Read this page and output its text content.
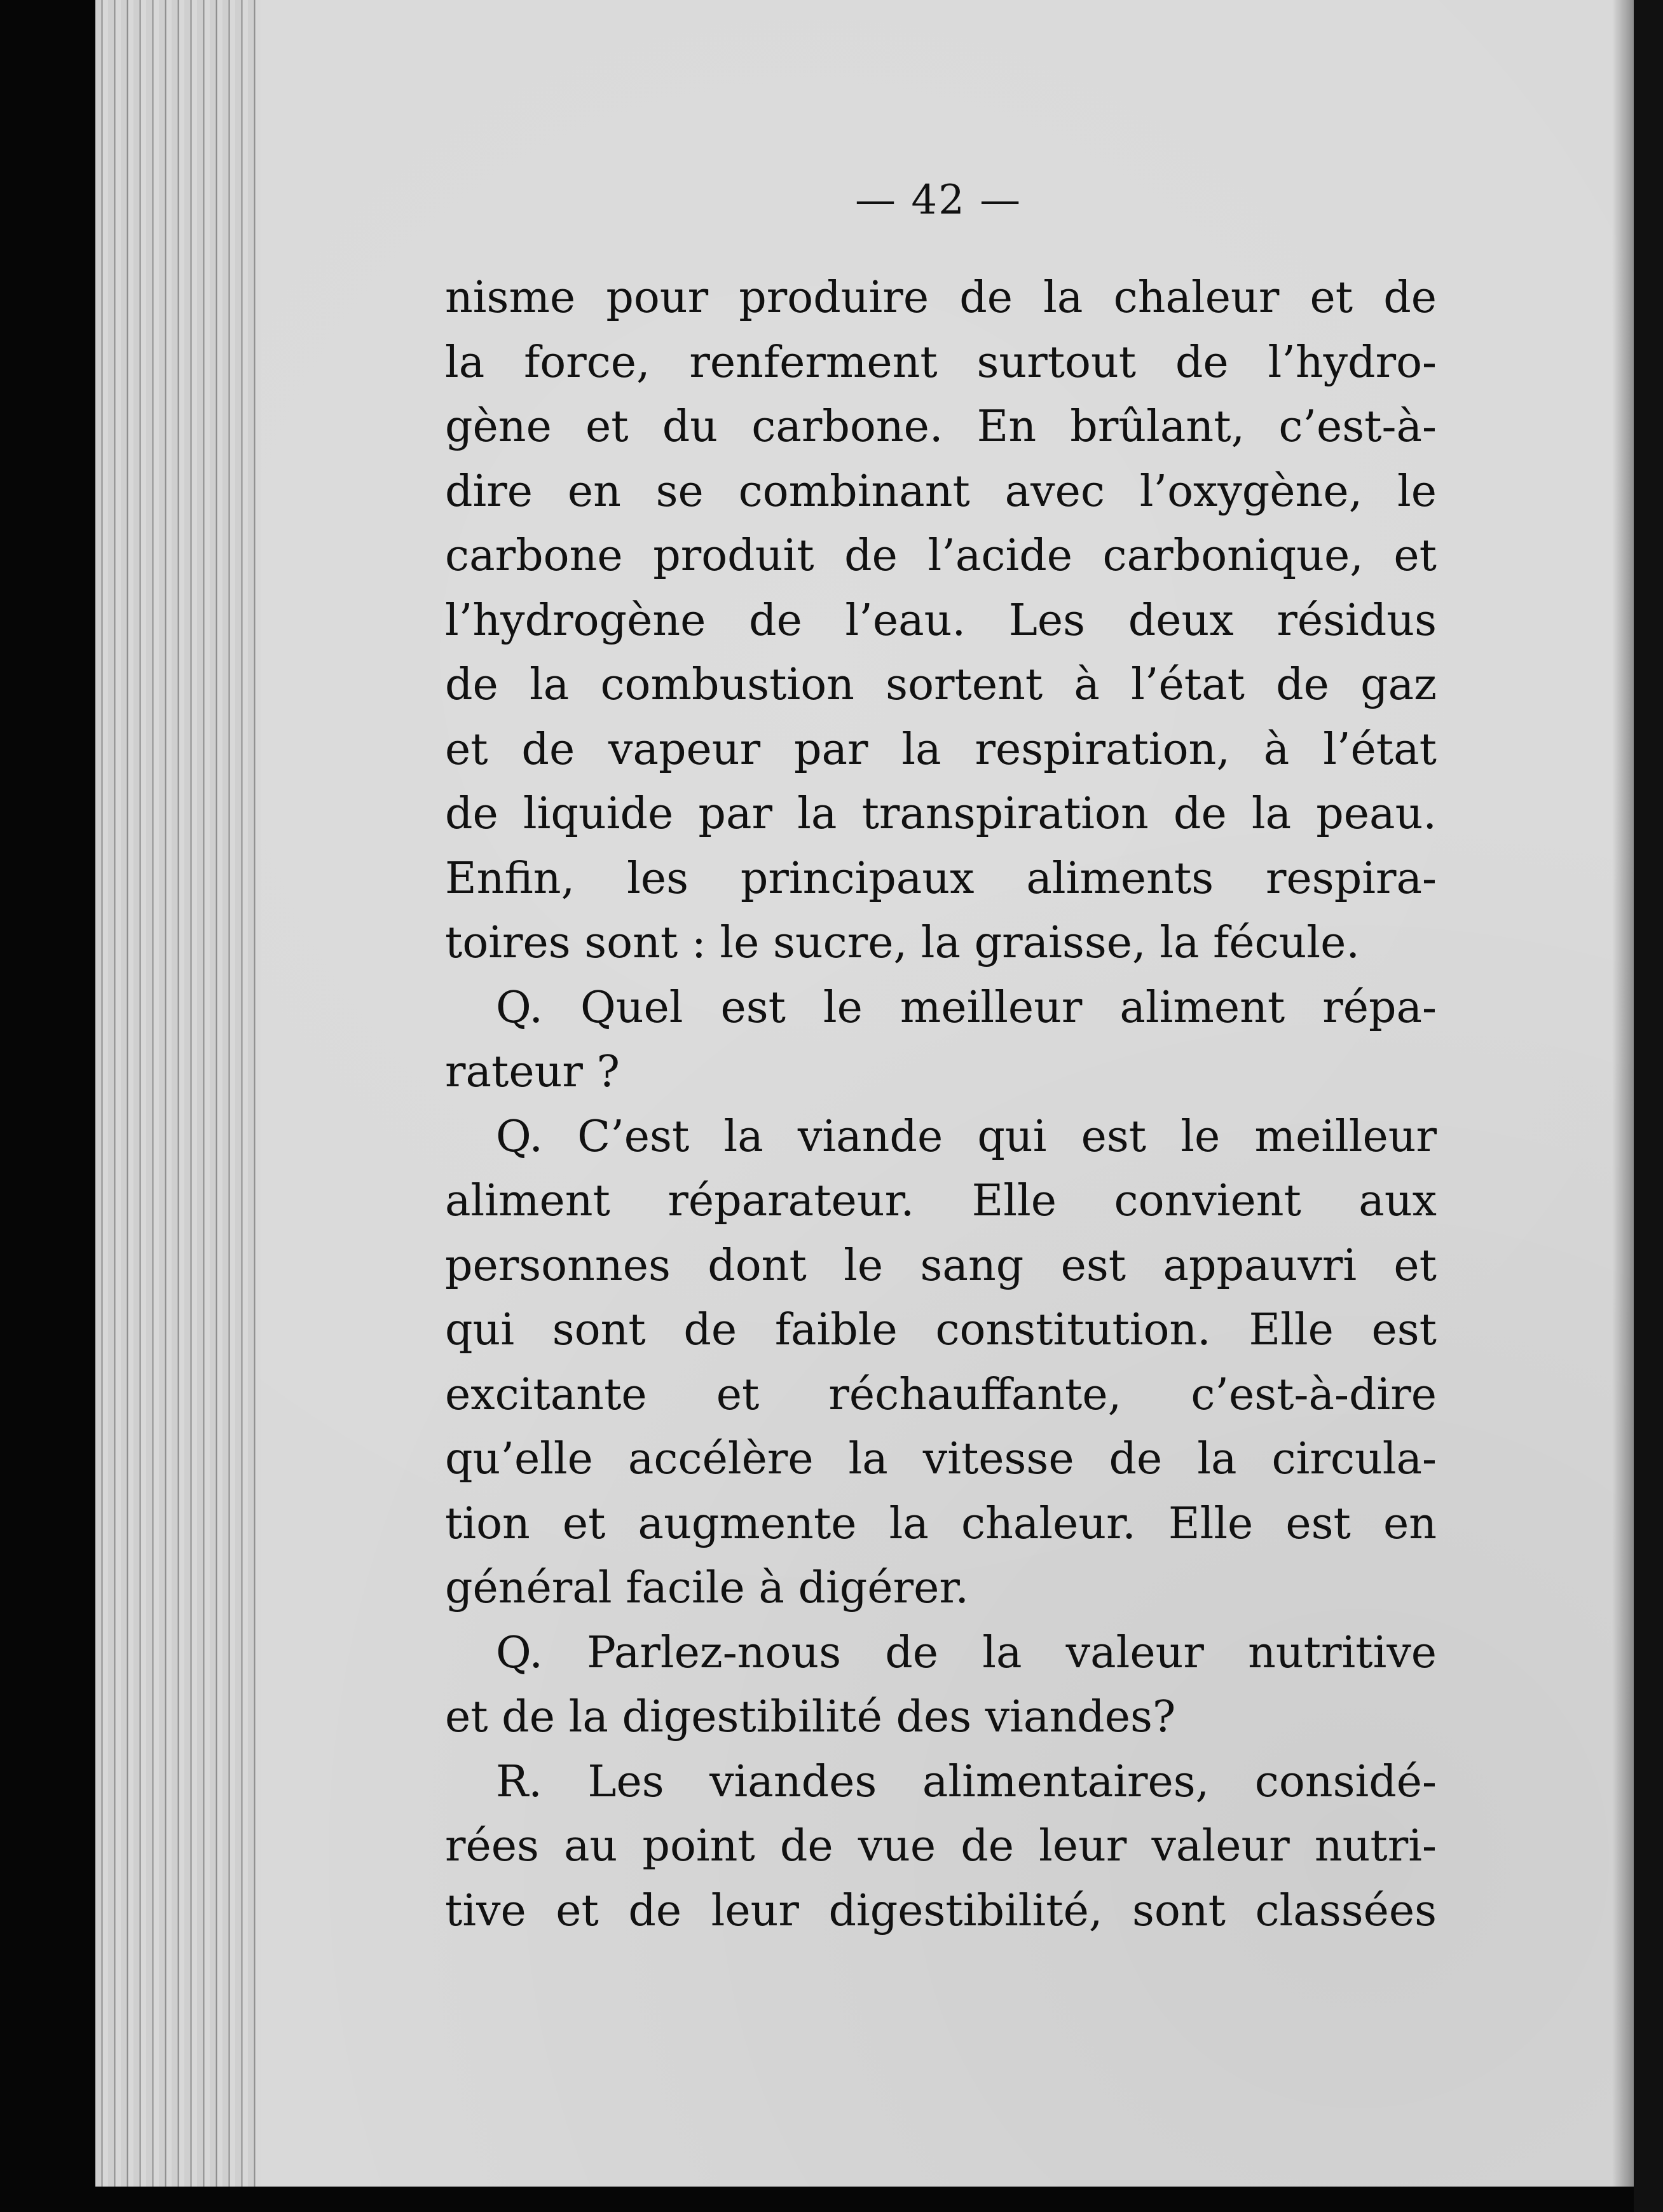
— 42 —
nisme pour produire de la chaleur et de
la force, renferment surtout de l’hydro-
gène et du carbone. En brûlant, c’est-à-
dire en se combinant avec l’oxygène, le
carbone produit de l’acide carbonique, et
l’hydrogène de l’eau. Les deux résidus
de la combustion sortent à l’état de gaz
et de vapeur par la respiration, à l’état
de liquide par la transpiration de la peau.
Enfin, les principaux aliments respira-
toires sont : le sucre, la graisse, la fécule.
Q. Quel est le meilleur aliment répa-
rateur ?
Q. C’est la viande qui est le meilleur
aliment réparateur. Elle convient aux
personnes dont le sang est appauvri et
qui sont de faible constitution. Elle est
excitante et réchauffante, c’est-à-dire
qu’elle accélère la vitesse de la circula-
tion et augmente la chaleur. Elle est en
général facile à digérer.
Q. Parlez-nous de la valeur nutritive
et de la digestibilité des viandes?
R. Les viandes alimentaires, considé-
rées au point de vue de leur valeur nutri-
tive et de leur digestibilité, sont classées
